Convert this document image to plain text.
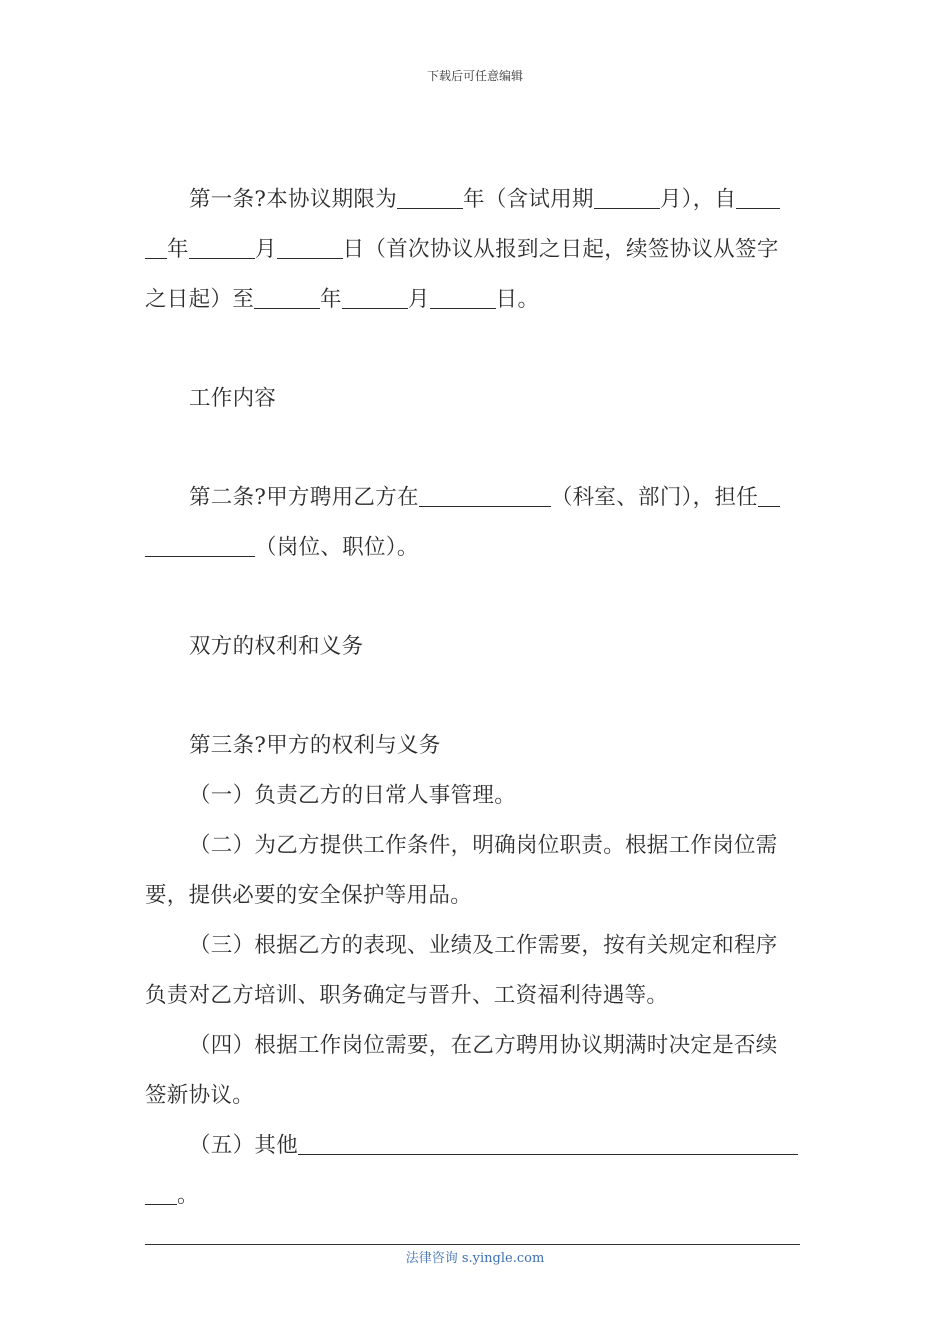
下载后可任意编辑
第一条?本协议期限为	年（含试用期	月），自
年	月	日（首次协议从报到之日起，续签协议从签字
之日起）至	年	月	日。
工作内容
第二条?甲方聘用乙方在	（科室、部门），担任
（岗位、职位）。
双方的权利和义务
第三条?甲方的权利与义务
（一）负责乙方的日常人事管理。
（二）为乙方提供工作条件，明确岗位职责。根据工作岗位需
要，提供必要的安全保护等用品。
（三）根据乙方的表现、业绩及工作需要，按有关规定和程序
负责对乙方培训、职务确定与晋升、工资福利待遇等。
（四）根据工作岗位需要，在乙方聘用协议期满时决定是否续
签新协议。
（五）其他
。
法律咨询 s.yingle.com
